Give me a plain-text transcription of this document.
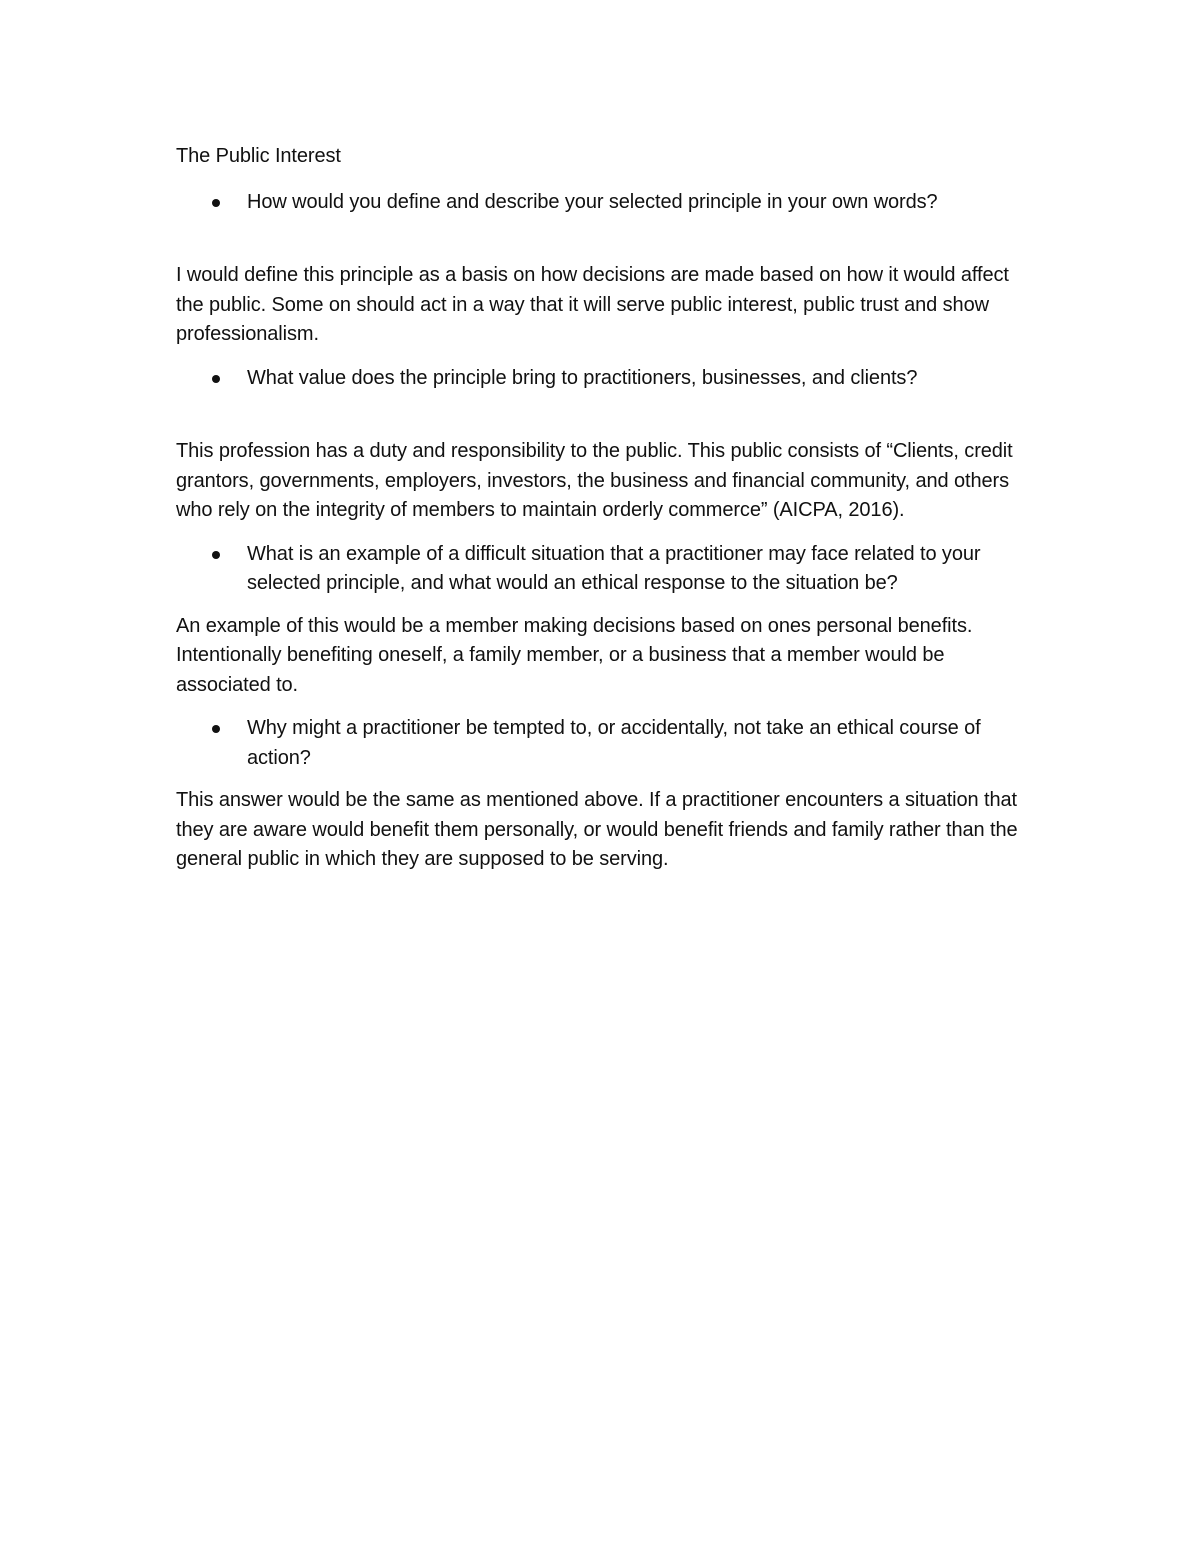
The Public Interest

How would you define and describe your selected principle in your own words?

I would define this principle as a basis on how decisions are made based on how it would affect the public. Some on should act in a way that it will serve public interest, public trust and show professionalism.

What value does the principle bring to practitioners, businesses, and clients?

This profession has a duty and responsibility to the public. This public consists of “Clients, credit grantors, governments, employers, investors, the business and financial community, and others who rely on the integrity of members to maintain orderly commerce” (AICPA, 2016).

What is an example of a difficult situation that a practitioner may face related to your selected principle, and what would an ethical response to the situation be?

An example of this would be a member making decisions based on ones personal benefits. Intentionally benefiting oneself, a family member, or a business that a member would be associated to.

Why might a practitioner be tempted to, or accidentally, not take an ethical course of action?

This answer would be the same as mentioned above. If a practitioner encounters a situation that they are aware would benefit them personally, or would benefit friends and family rather than the general public in which they are supposed to be serving.
